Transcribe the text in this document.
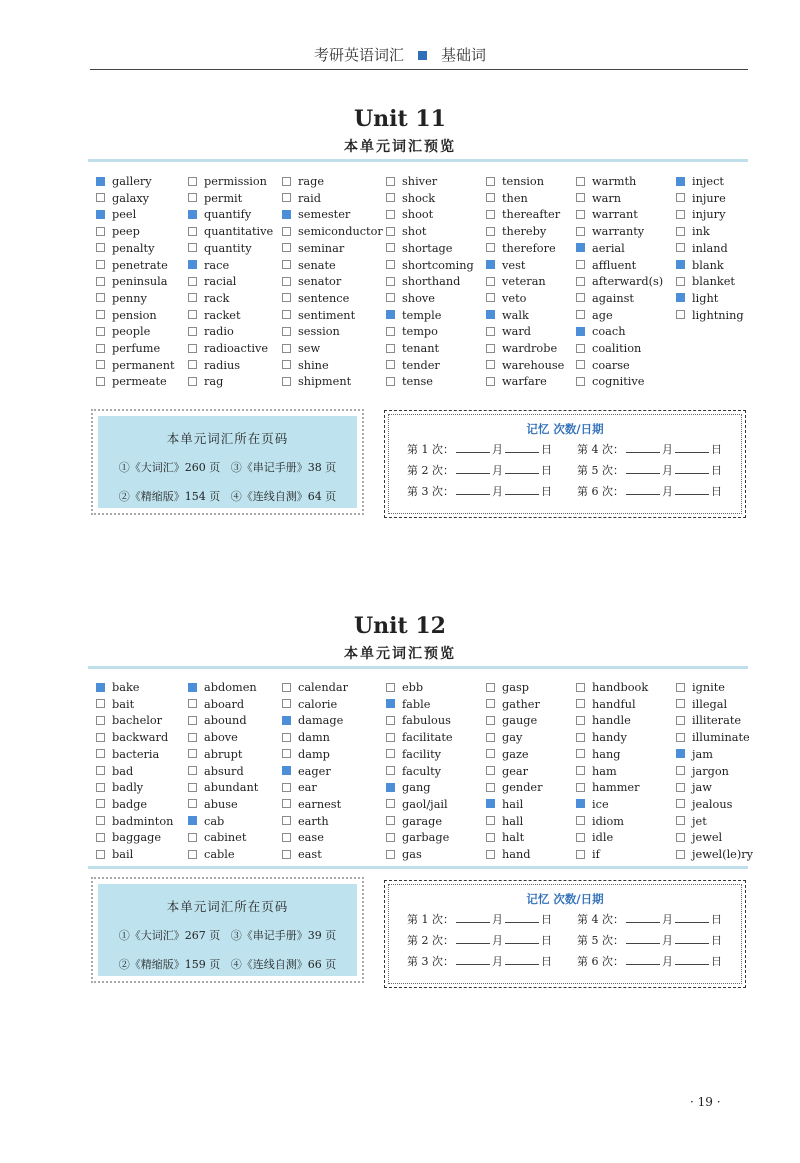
考研英语词汇 基础词
Unit 11
本单元词汇预览
gallery
galaxy
peel
peep
penalty
penetrate
peninsula
penny
pension
people
perfume
permanent
permeate
permission
permit
quantify
quantitative
quantity
race
racial
rack
racket
radio
radioactive
radius
rag
rage
raid
semester
semiconductor
seminar
senate
senator
sentence
sentiment
session
sew
shine
shipment
shiver
shock
shoot
shot
shortage
shortcoming
shorthand
shove
temple
tempo
tenant
tender
tense
tension
then
thereafter
thereby
therefore
vest
veteran
veto
walk
ward
wardrobe
warehouse
warfare
warmth
warn
warrant
warranty
aerial
affluent
afterward(s)
against
age
coach
coalition
coarse
cognitive
inject
injure
injury
ink
inland
blank
blanket
light
lightning
本单元词汇所在页码
①《大词汇》260 页 ③《串记手册》38 页
②《精缩版》154 页 ④《连线自测》64 页
记忆 次数/日期
第 1 次：	月	日 第 4 次：	月	日
第 2 次：	月	日 第 5 次：	月	日
第 3 次：	月	日 第 6 次：	月	日
Unit 12
本单元词汇预览
bake
bait
bachelor
backward
bacteria
bad
badly
badge
badminton
baggage
bail
abdomen
aboard
abound
above
abrupt
absurd
abundant
abuse
cab
cabinet
cable
calendar
calorie
damage
damn
damp
eager
ear
earnest
earth
ease
east
ebb
fable
fabulous
facilitate
facility
faculty
gang
gaol/jail
garage
garbage
gas
gasp
gather
gauge
gay
gaze
gear
gender
hail
hall
halt
hand
handbook
handful
handle
handy
hang
ham
hammer
ice
idiom
idle
if
ignite
illegal
illiterate
illuminate
jam
jargon
jaw
jealous
jet
jewel
jewel(le)ry
本单元词汇所在页码
①《大词汇》267 页 ③《串记手册》39 页
②《精缩版》159 页 ④《连线自测》66 页
记忆 次数/日期
第 1 次：	月	日 第 4 次：	月	日
第 2 次：	月	日 第 5 次：	月	日
第 3 次：	月	日 第 6 次：	月	日
· 19 ·
